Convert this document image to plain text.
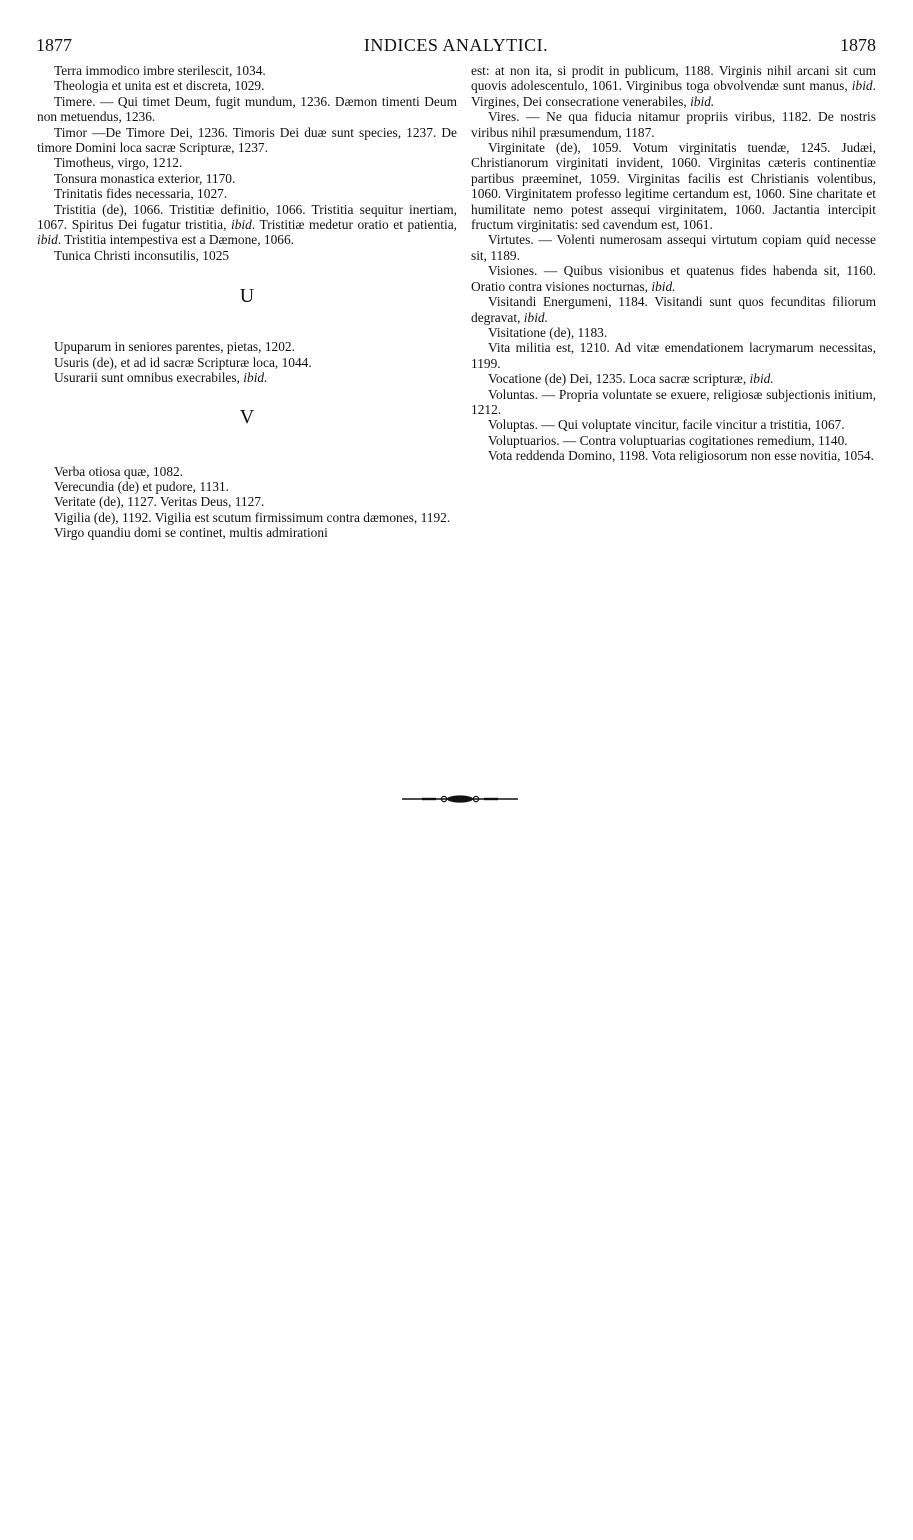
1877	INDICES ANALYTICI.	1878

Terra immodico imbre sterilescit, 1034.

Theologia et unita est et discreta, 1029.

Timere. — Qui timet Deum, fugit mundum, 1236. Dæmon timenti Deum non metuendus, 1236.

Timor —De Timore Dei, 1236. Timoris Dei duæ sunt species, 1237. De timore Domini loca sacræ Scripturæ, 1237.

Timotheus, virgo, 1212.

Tonsura monastica exterior, 1170.

Trinitatis fides necessaria, 1027.

Tristitia (de), 1066. Tristitiæ definitio, 1066. Tristitia sequitur inertiam, 1067. Spiritus Dei fugatur tristitia, ibid. Tristitiæ medetur oratio et patientia, ibid. Tristitia intempestiva est a Dæmone, 1066.

Tunica Christi inconsutilis, 1025

U

Upuparum in seniores parentes, pietas, 1202.

Usuris (de), et ad id sacræ Scripturæ loca, 1044.

Usurarii sunt omnibus execrabiles, ibid.

V

Verba otiosa quæ, 1082.

Verecundia (de) et pudore, 1131.

Veritate (de), 1127. Veritas Deus, 1127.

Vigilia (de), 1192. Vigilia est scutum firmissimum contra dæmones, 1192.

Virgo quandiu domi se continet, multis admirationi

est: at non ita, si prodit in publicum, 1188. Virginis nihil arcani sit cum quovis adolescentulo, 1061. Virginibus toga obvolvendæ sunt manus, ibid. Virgines, Dei consecratione venerabiles, ibid.

Vires. — Ne qua fiducia nitamur propriis viribus, 1182. De nostris viribus nihil præsumendum, 1187.

Virginitate (de), 1059. Votum virginitatis tuendæ, 1245. Judæi, Christianorum virginitati invident, 1060. Virginitas cæteris continentiæ partibus præeminet, 1059. Virginitas facilis est Christianis volentibus, 1060. Virginitatem professo legitime certandum est, 1060. Sine charitate et humilitate nemo potest assequi virginitatem, 1060. Jactantia intercipit fructum virginitatis: sed cavendum est, 1061.

Virtutes. — Volenti numerosam assequi virtutum copiam quid necesse sit, 1189.

Visiones. — Quibus visionibus et quatenus fides habenda sit, 1160. Oratio contra visiones nocturnas, ibid.

Visitandi Energumeni, 1184. Visitandi sunt quos fecunditas filiorum degravat, ibid.

Visitatione (de), 1183.

Vita militia est, 1210. Ad vitæ emendationem lacrymarum necessitas, 1199.

Vocatione (de) Dei, 1235. Loca sacræ scripturæ, ibid.

Voluntas. — Propria voluntate se exuere, religiosæ subjectionis initium, 1212.

Voluptas. — Qui voluptate vincitur, facile vincitur a tristitia, 1067.

Voluptuarios. — Contra voluptuarias cogitationes remedium, 1140.

Vota reddenda Domino, 1198. Vota religiosorum non esse novitia, 1054.
